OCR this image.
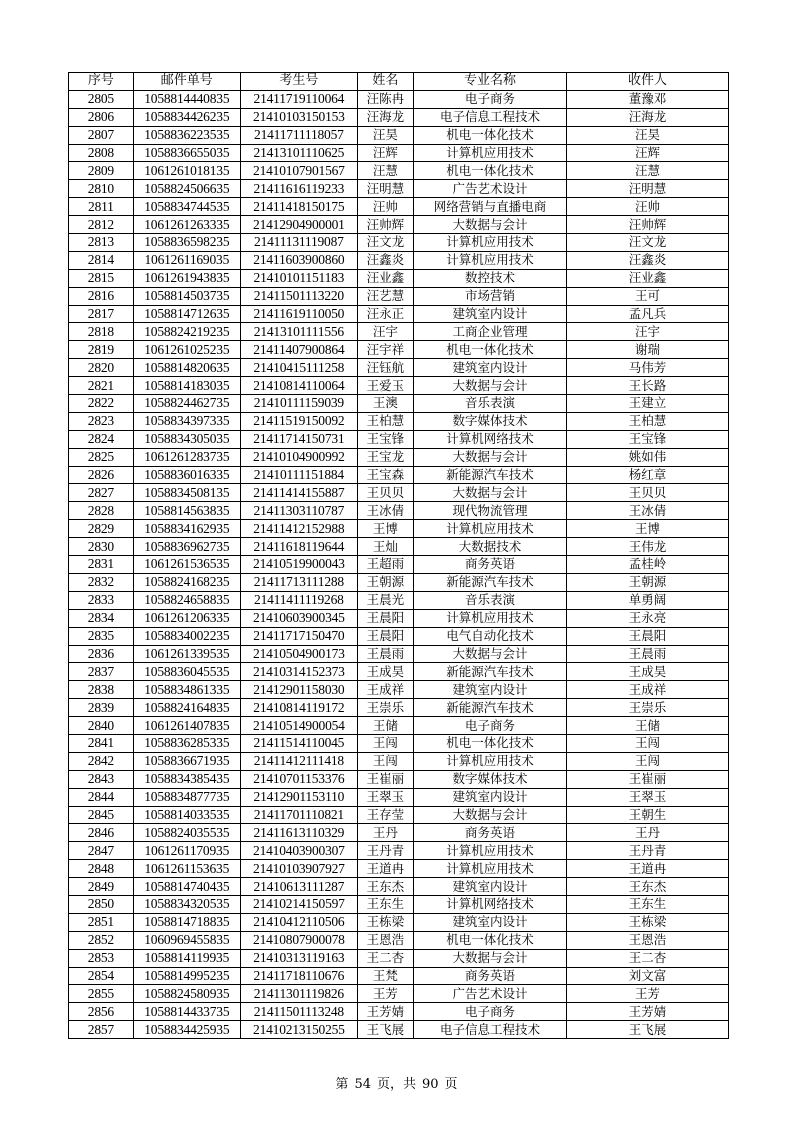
序号	邮件单号	考生号	姓名	专业名称	收件人
2805	1058814440835	21411719110064	汪陈冉	电子商务	董豫邓
2806	1058834426235	21410103150153	汪海龙	电子信息工程技术	汪海龙
2807	1058836223535	21411711118057	汪昊	机电一体化技术	汪昊
2808	1058836655035	21413101110625	汪辉	计算机应用技术	汪辉
2809	1061261018135	21410107901567	汪慧	机电一体化技术	汪慧
2810	1058824506635	21411616119233	汪明慧	广告艺术设计	汪明慧
2811	1058834744535	21411418150175	汪帅	网络营销与直播电商	汪帅
2812	1061261263335	21412904900001	汪帅辉	大数据与会计	汪帅辉
2813	1058836598235	21411131119087	汪文龙	计算机应用技术	汪文龙
2814	1061261169035	21411603900860	汪鑫炎	计算机应用技术	汪鑫炎
2815	1061261943835	21410101151183	汪业鑫	数控技术	汪业鑫
2816	1058814503735	21411501113220	汪艺慧	市场营销	王可
2817	1058814712635	21411619110050	汪永正	建筑室内设计	孟凡兵
2818	1058824219235	21413101111556	汪宇	工商企业管理	汪宇
2819	1061261025235	21411407900864	汪宇祥	机电一体化技术	谢瑞
2820	1058814820635	21410415111258	汪钰航	建筑室内设计	马伟芳
2821	1058814183035	21410814110064	王爱玉	大数据与会计	王长路
2822	1058824462735	21410111159039	王澳	音乐表演	王建立
2823	1058834397335	21411519150092	王柏慧	数字媒体技术	王柏慧
2824	1058834305035	21411714150731	王宝锋	计算机网络技术	王宝锋
2825	1061261283735	21410104900992	王宝龙	大数据与会计	姚如伟
2826	1058836016335	21410111151884	王宝森	新能源汽车技术	杨红章
2827	1058834508135	21411414155887	王贝贝	大数据与会计	王贝贝
2828	1058814563835	21411303110787	王冰倩	现代物流管理	王冰倩
2829	1058834162935	21411412152988	王博	计算机应用技术	王博
2830	1058836962735	21411618119644	王灿	大数据技术	王伟龙
2831	1061261536535	21410519900043	王超雨	商务英语	孟桂岭
2832	1058824168235	21411713111288	王朝源	新能源汽车技术	王朝源
2833	1058824658835	21411411119268	王晨光	音乐表演	单勇阔
2834	1061261206335	21410603900345	王晨阳	计算机应用技术	王永亮
2835	1058834002235	21411717150470	王晨阳	电气自动化技术	王晨阳
2836	1061261339535	21410504900173	王晨雨	大数据与会计	王晨雨
2837	1058836045535	21410314152373	王成昊	新能源汽车技术	王成昊
2838	1058834861335	21412901158030	王成祥	建筑室内设计	王成祥
2839	1058824164835	21410814119172	王崇乐	新能源汽车技术	王崇乐
2840	1061261407835	21410514900054	王储	电子商务	王储
2841	1058836285335	21411514110045	王闯	机电一体化技术	王闯
2842	1058836671935	21411412111418	王闯	计算机应用技术	王闯
2843	1058834385435	21410701153376	王崔丽	数字媒体技术	王崔丽
2844	1058834877735	21412901153110	王翠玉	建筑室内设计	王翠玉
2845	1058814033535	21411701110821	王存莹	大数据与会计	王朝生
2846	1058824035535	21411613110329	王丹	商务英语	王丹
2847	1061261170935	21410403900307	王丹青	计算机应用技术	王丹青
2848	1061261153635	21410103907927	王道冉	计算机应用技术	王道冉
2849	1058814740435	21410613111287	王东杰	建筑室内设计	王东杰
2850	1058834320535	21410214150597	王东生	计算机网络技术	王东生
2851	1058814718835	21410412110506	王栋梁	建筑室内设计	王栋梁
2852	1060969455835	21410807900078	王恩浩	机电一体化技术	王恩浩
2853	1058814119935	21410313119163	王二杏	大数据与会计	王二杏
2854	1058814995235	21411718110676	王梵	商务英语	刘文富
2855	1058824580935	21411301119826	王芳	广告艺术设计	王芳
2856	1058814433735	21411501113248	王芳婧	电子商务	王芳婧
2857	1058834425935	21410213150255	王飞展	电子信息工程技术	王飞展
第 54 页，共 90 页
